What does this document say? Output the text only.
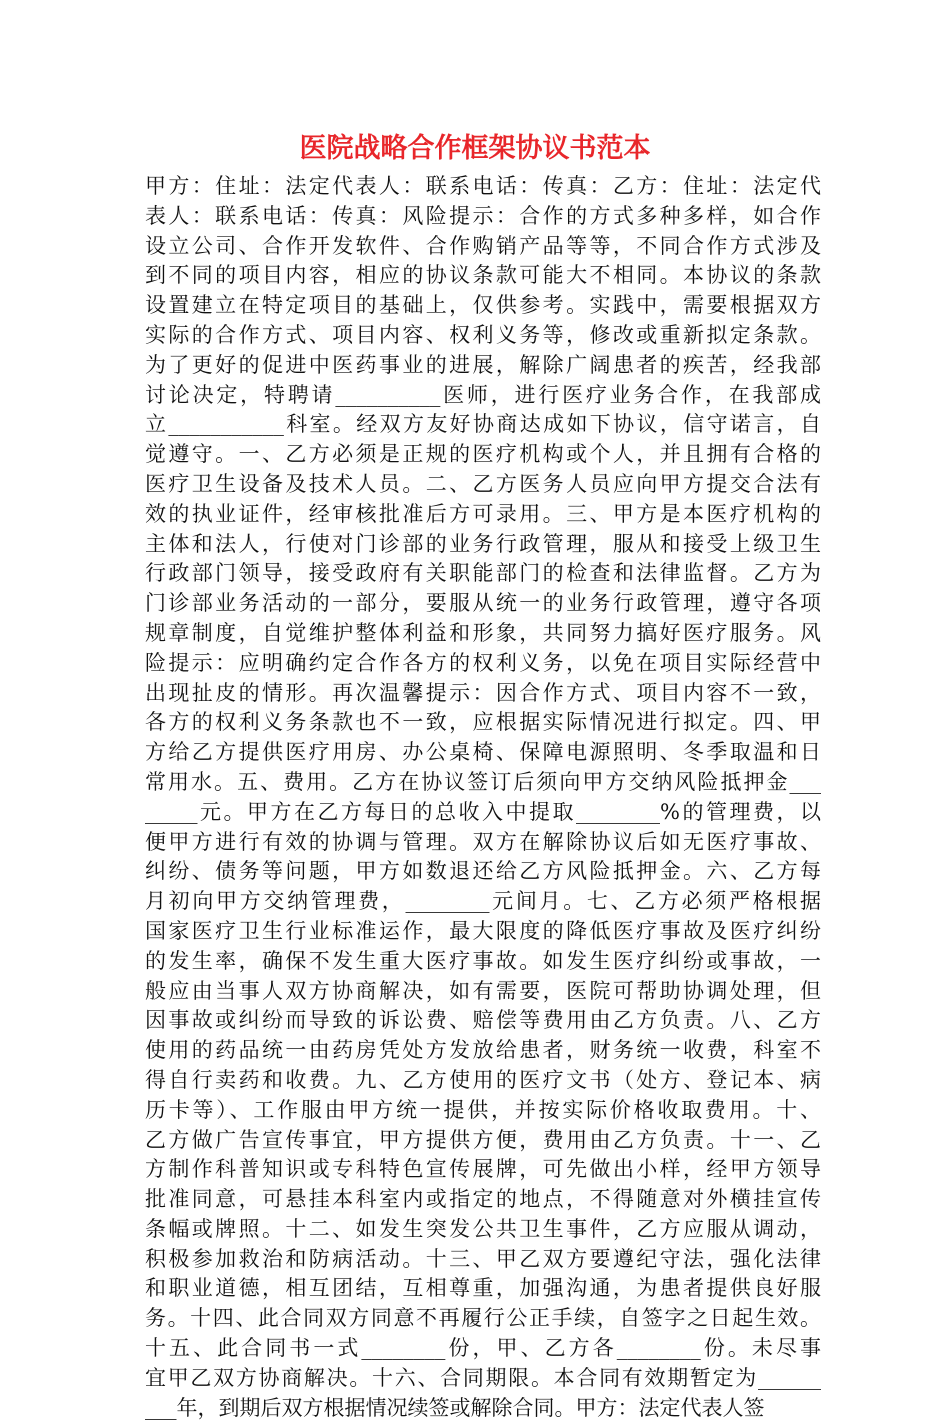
医院战略合作框架协议书范本
甲方：住址：法定代表人：联系电话：传真：乙方：住址：法定代
表人：联系电话：传真：风险提示：合作的方式多种多样，如合作
设立公司、合作开发软件、合作购销产品等等，不同合作方式涉及
到不同的项目内容，相应的协议条款可能大不相同。本协议的条款
设置建立在特定项目的基础上，仅供参考。实践中，需要根据双方
实际的合作方式、项目内容、权利义务等，修改或重新拟定条款。
为了更好的促进中医药事业的进展，解除广阔患者的疾苦，经我部
讨论决定，特聘请__________医师，进行医疗业务合作，在我部成
立___________科室。经双方友好协商达成如下协议，信守诺言，自
觉遵守。一、乙方必须是正规的医疗机构或个人，并且拥有合格的
医疗卫生设备及技术人员。二、乙方医务人员应向甲方提交合法有
效的执业证件，经审核批准后方可录用。三、甲方是本医疗机构的
主体和法人，行使对门诊部的业务行政管理，服从和接受上级卫生
行政部门领导，接受政府有关职能部门的检查和法律监督。乙方为
门诊部业务活动的一部分，要服从统一的业务行政管理，遵守各项
规章制度，自觉维护整体利益和形象，共同努力搞好医疗服务。风
险提示：应明确约定合作各方的权利义务，以免在项目实际经营中
出现扯皮的情形。再次温馨提示：因合作方式、项目内容不一致，
各方的权利义务条款也不一致，应根据实际情况进行拟定。四、甲
方给乙方提供医疗用房、办公桌椅、保障电源照明、冬季取温和日
常用水。五、费用。乙方在协议签订后须向甲方交纳风险抵押金___
_____元。甲方在乙方每日的总收入中提取________%的管理费，以
便甲方进行有效的协调与管理。双方在解除协议后如无医疗事故、
纠纷、债务等问题，甲方如数退还给乙方风险抵押金。六、乙方每
月初向甲方交纳管理费，________元间月。七、乙方必须严格根据
国家医疗卫生行业标准运作，最大限度的降低医疗事故及医疗纠纷
的发生率，确保不发生重大医疗事故。如发生医疗纠纷或事故，一
般应由当事人双方协商解决，如有需要，医院可帮助协调处理，但
因事故或纠纷而导致的诉讼费、赔偿等费用由乙方负责。八、乙方
使用的药品统一由药房凭处方发放给患者，财务统一收费，科室不
得自行卖药和收费。九、乙方使用的医疗文书（处方、登记本、病
历卡等）、工作服由甲方统一提供，并按实际价格收取费用。十、
乙方做广告宣传事宜，甲方提供方便，费用由乙方负责。十一、乙
方制作科普知识或专科特色宣传展牌，可先做出小样，经甲方领导
批准同意，可悬挂本科室内或指定的地点，不得随意对外横挂宣传
条幅或牌照。十二、如发生突发公共卫生事件，乙方应服从调动，
积极参加救治和防病活动。十三、甲乙双方要遵纪守法，强化法律
和职业道德，相互团结，互相尊重，加强沟通，为患者提供良好服
务。十四、此合同双方同意不再履行公正手续，自签字之日起生效。
十五、此合同书一式________份，甲、乙方各________份。未尽事
宜甲乙双方协商解决。十六、合同期限。本合同有效期暂定为______
___年，到期后双方根据情况续签或解除合同。甲方：法定代表人签
